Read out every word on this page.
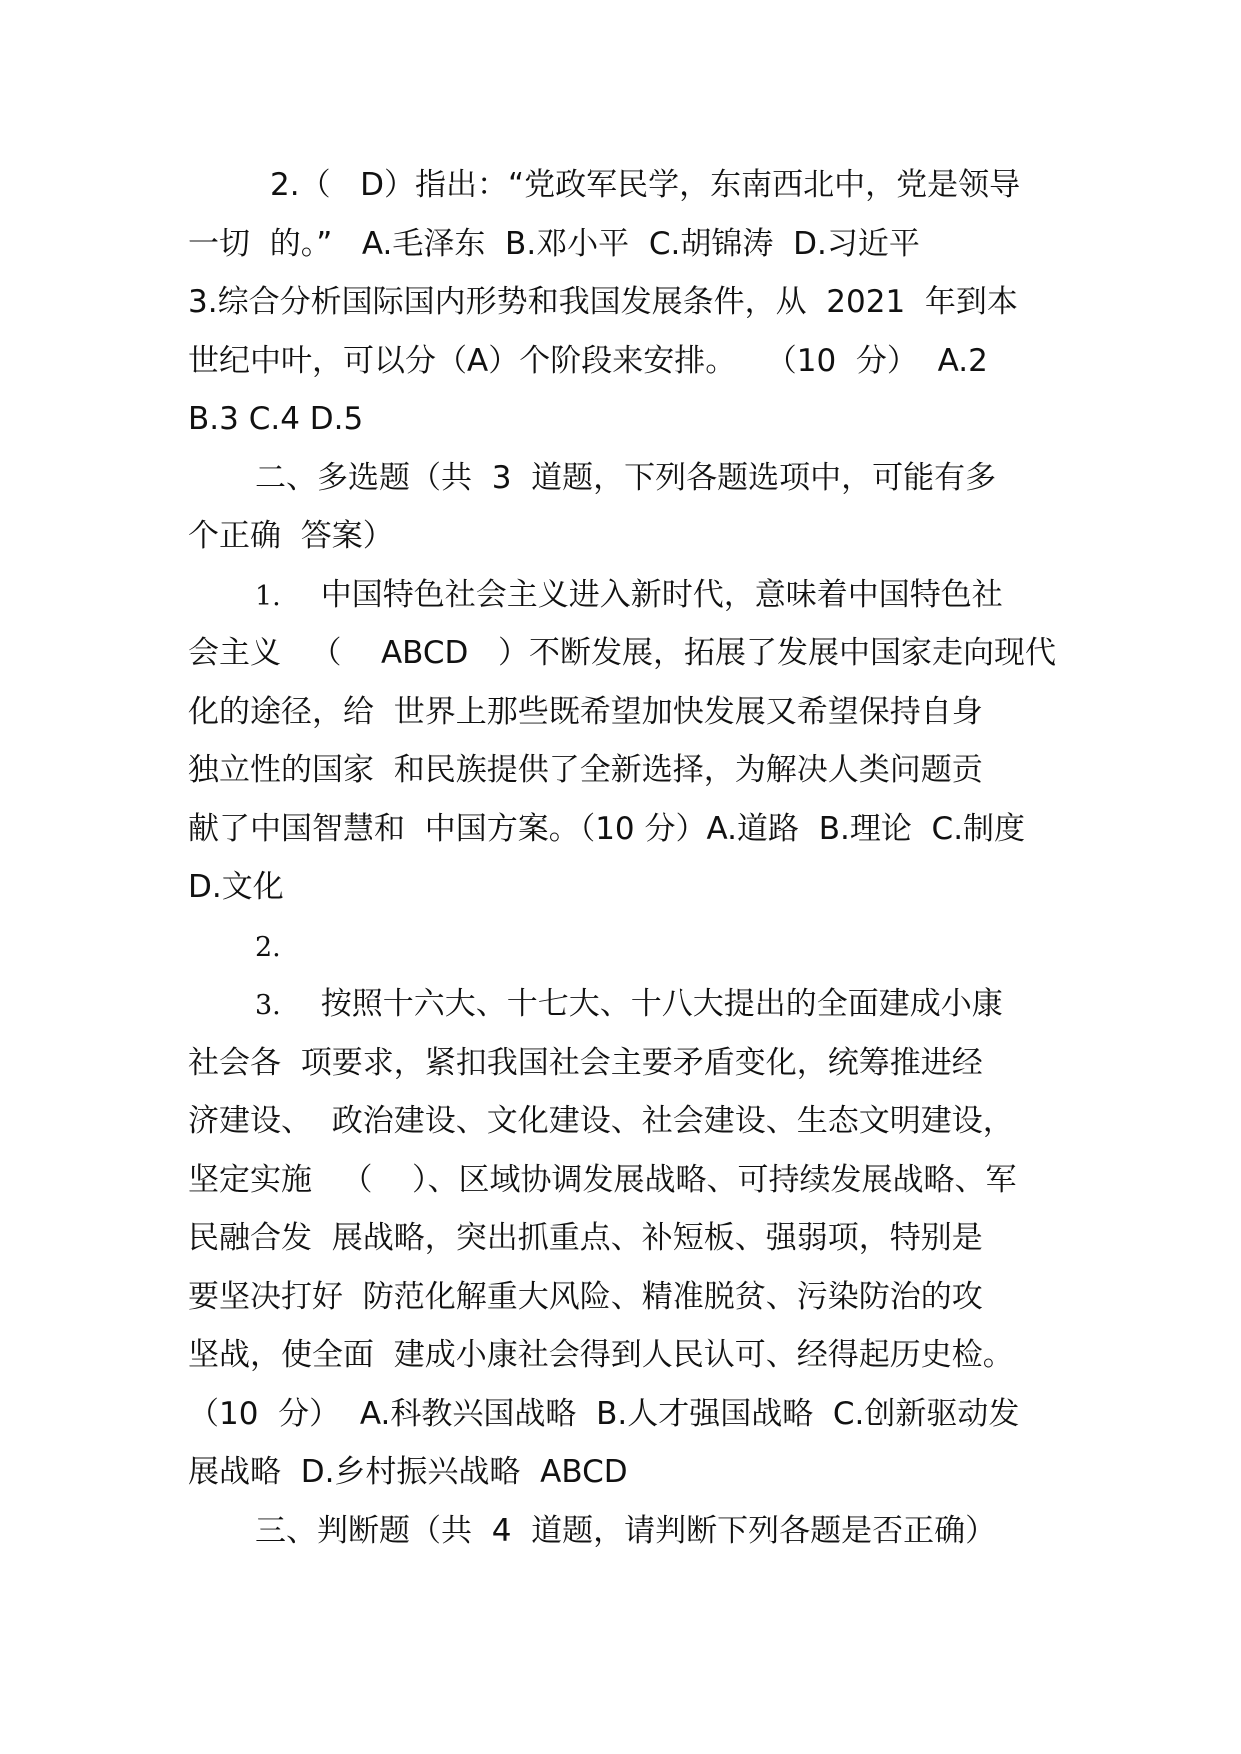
2.（   D）指出：“党政军民学，东南西北中，党是领导
一切  的。”   A.毛泽东  B.邓小平  C.胡锦涛  D.习近平
3.综合分析国际国内形势和我国发展条件，从  2021  年到本
世纪中叶，可以分（A）个阶段来安排。   （10  分）  A.2
B.3 C.4 D.5
二、多选题（共  3  道题，下列各题选项中，可能有多
个正确  答案）
1. 中国特色社会主义进入新时代，意味着中国特色社
会主义   （    ABCD   ）不断发展，拓展了发展中国家走向现代
化的途径，给  世界上那些既希望加快发展又希望保持自身
独立性的国家  和民族提供了全新选择，为解决人类问题贡
献了中国智慧和  中国方案。（10 分）A.道路  B.理论  C.制度
D.文化
2.
3. 按照十六大、十七大、十八大提出的全面建成小康
社会各  项要求，紧扣我国社会主要矛盾变化，统筹推进经
济建设、  政治建设、文化建设、社会建设、生态文明建设，
坚定实施   （    ）、区域协调发展战略、可持续发展战略、军
民融合发  展战略，突出抓重点、补短板、强弱项，特别是
要坚决打好  防范化解重大风险、精准脱贫、污染防治的攻
坚战，使全面  建成小康社会得到人民认可、经得起历史检。
（10  分）  A.科教兴国战略  B.人才强国战略  C.创新驱动发
展战略  D.乡村振兴战略  ABCD
三、判断题（共  4  道题，请判断下列各题是否正确）
